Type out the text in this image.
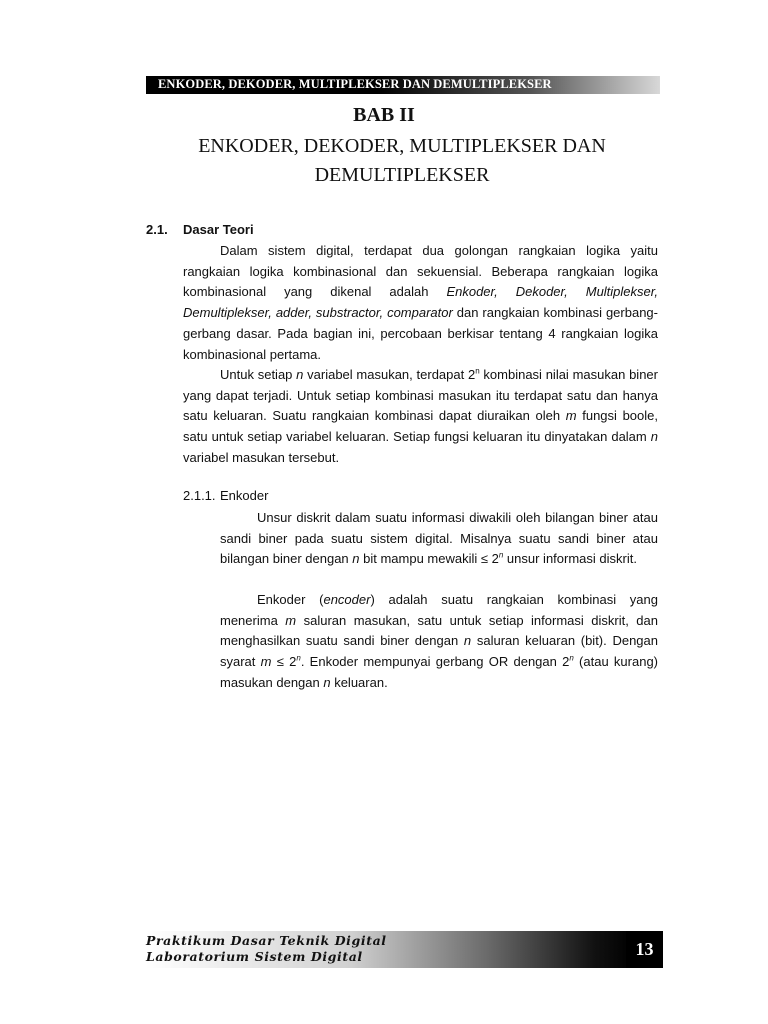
ENKODER, DEKODER, MULTIPLEKSER DAN DEMULTIPLEKSER
BAB II
ENKODER, DEKODER, MULTIPLEKSER DAN
DEMULTIPLEKSER
2.1. Dasar Teori

Dalam sistem digital, terdapat dua golongan rangkaian logika yaitu rangkaian logika kombinasional dan sekuensial. Beberapa rangkaian logika kombinasional yang dikenal adalah Enkoder, Dekoder, Multiplekser, Demultiplekser, adder, substractor, comparator dan rangkaian kombinasi gerbang-gerbang dasar. Pada bagian ini, percobaan berkisar tentang 4 rangkaian logika kombinasional pertama.

Untuk setiap n variabel masukan, terdapat 2$^n$ kombinasi nilai masukan biner yang dapat terjadi. Untuk setiap kombinasi masukan itu terdapat satu dan hanya satu keluaran. Suatu rangkaian kombinasi dapat diuraikan oleh m fungsi boole, satu untuk setiap variabel keluaran. Setiap fungsi keluaran itu dinyatakan dalam n variabel masukan tersebut.

2.1.1. Enkoder

Unsur diskrit dalam suatu informasi diwakili oleh bilangan biner atau sandi biner pada suatu sistem digital. Misalnya suatu sandi biner atau bilangan biner dengan n bit mampu mewakili ≤ $2^n$ unsur informasi diskrit.

Enkoder (encoder) adalah suatu rangkaian kombinasi yang menerima m saluran masukan, satu untuk setiap informasi diskrit, dan menghasilkan suatu sandi biner dengan n saluran keluaran (bit). Dengan syarat $m \le 2^n$. Enkoder mempunyai gerbang OR dengan 2$^n$ (atau kurang) masukan dengan n keluaran.

Praktikum Dasar Teknik Digital
Laboratorium Sistem Digital	13
